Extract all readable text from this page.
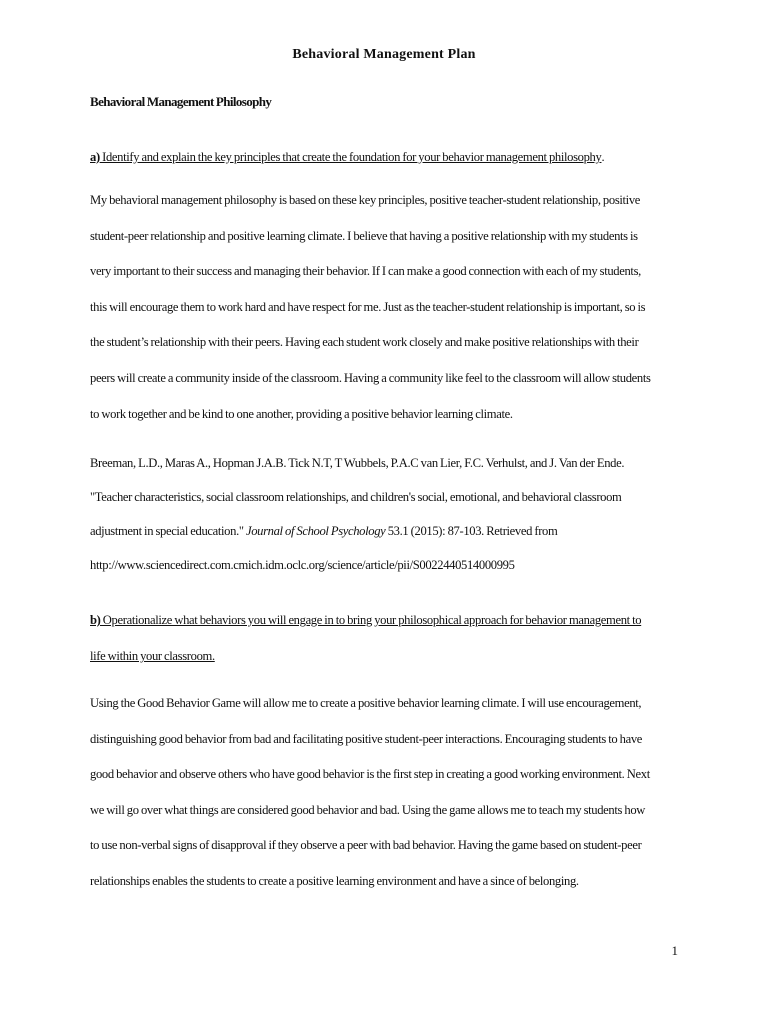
Behavioral Management Plan
Behavioral Management Philosophy
a) Identify and explain the key principles that create the foundation for your behavior management philosophy.
My behavioral management philosophy is based on these key principles, positive teacher-student relationship, positive
student-peer relationship and positive learning climate. I believe that having a positive relationship with my students is
very important to their success and managing their behavior. If I can make a good connection with each of my students,
this will encourage them to work hard and have respect for me. Just as the teacher-student relationship is important, so is
the student’s relationship with their peers. Having each student work closely and make positive relationships with their
peers will create a community inside of the classroom. Having a community like feel to the classroom will allow students
to work together and be kind to one another, providing a positive behavior learning climate.
Breeman, L.D., Maras A., Hopman J.A.B. Tick N.T, T Wubbels, P.A.C van Lier, F.C. Verhulst, and J. Van der Ende.
"Teacher characteristics, social classroom relationships, and children's social, emotional, and behavioral classroom
adjustment in special education." Journal of School Psychology 53.1 (2015): 87-103. Retrieved from
http://www.sciencedirect.com.cmich.idm.oclc.org/science/article/pii/S0022440514000995
b) Operationalize what behaviors you will engage in to bring your philosophical approach for behavior management to
life within your classroom.
Using the Good Behavior Game will allow me to create a positive behavior learning climate. I will use encouragement,
distinguishing good behavior from bad and facilitating positive student-peer interactions. Encouraging students to have
good behavior and observe others who have good behavior is the first step in creating a good working environment. Next
we will go over what things are considered good behavior and bad. Using the game allows me to teach my students how
to use non-verbal signs of disapproval if they observe a peer with bad behavior. Having the game based on student-peer
relationships enables the students to create a positive learning environment and have a since of belonging.
1
